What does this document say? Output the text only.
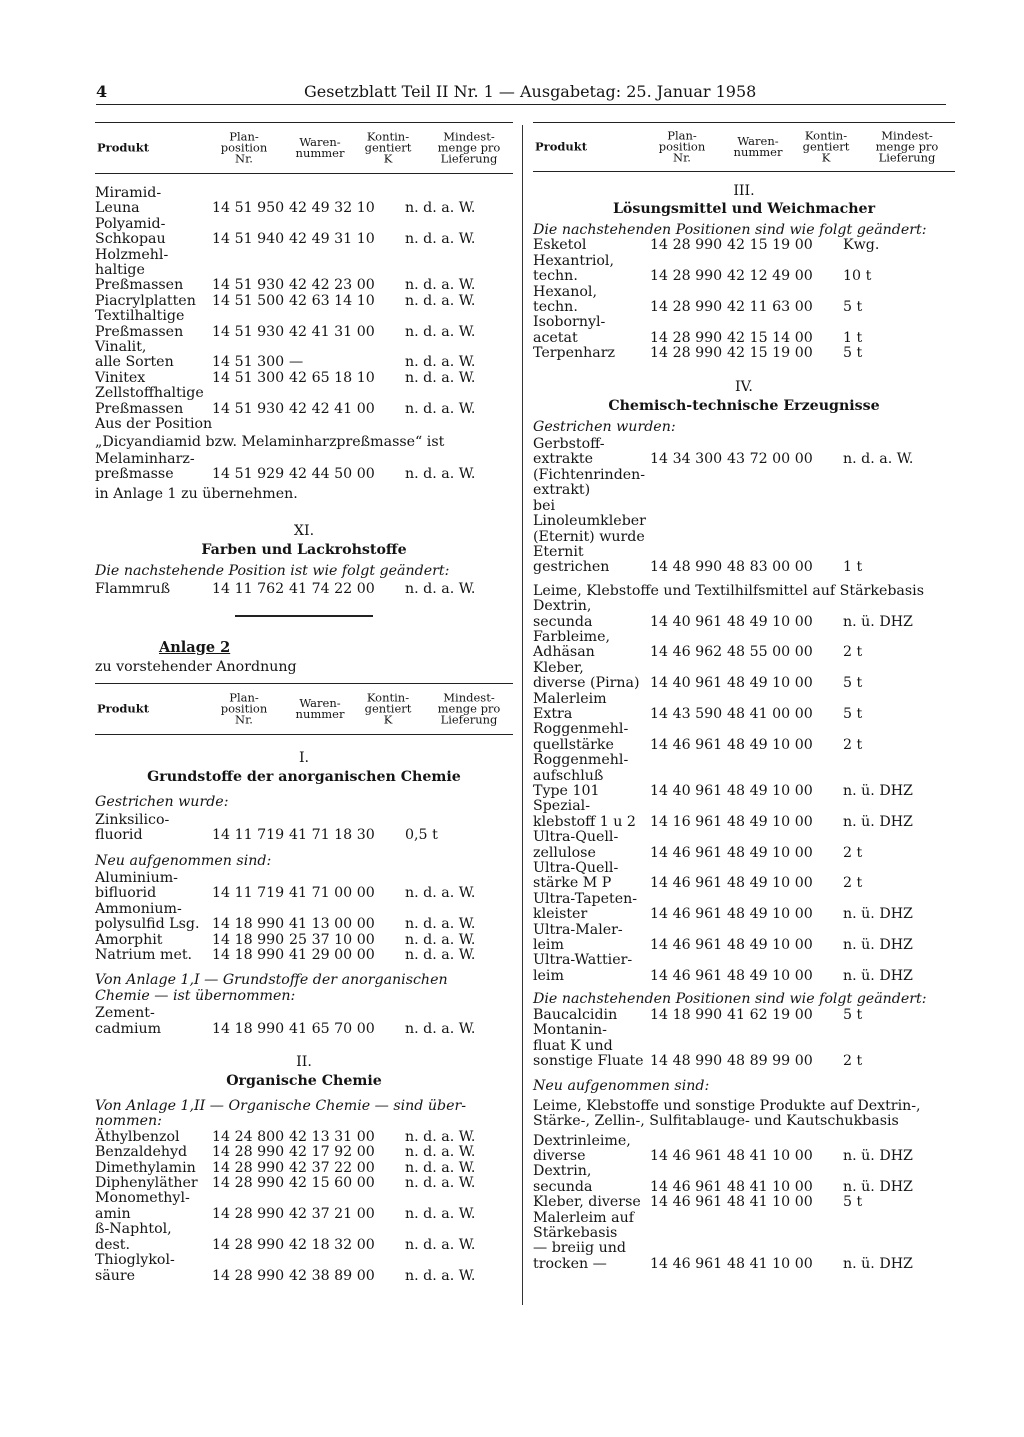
4	Gesetzblatt Teil II Nr. 1 — Ausgabetag: 25. Januar 1958
Produkt
Plan-
position
Nr.
Waren-
nummer
Kontin-
gentiert
K
Mindest-
menge pro
Lieferung
Miramid-
Leuna	14 51 950 42 49 32 10 n. d. a. W.
Polyamid-
Schkopau	14 51 940 42 49 31 10 n. d. a. W.
Holzmehl-
haltige
Preßmassen	14 51 930 42 42 23 00 n. d. a. W.
Piacrylplatten	14 51 500 42 63 14 10 n. d. a. W.
Textilhaltige
Preßmassen	14 51 930 42 41 31 00 n. d. a. W.
Vinalit,
alle Sorten	14 51 300 —	n. d. a. W.
Vinitex	14 51 300 42 65 18 10 n. d. a. W.
Zellstoffhaltige
Preßmassen	14 51 930 42 42 41 00 n. d. a. W.
Aus der Position
„Dicyandiamid bzw. Melaminharzpreßmasse“ ist
Melaminharz-
preßmasse	14 51 929 42 44 50 00 n. d. a. W.
in Anlage 1 zu übernehmen.
XI.
Farben und Lackrohstoffe
Die nachstehende Position ist wie folgt geändert:
Flammruß	14 11 762 41 74 22 00 n. d. a. W.
Anlage 2
zu vorstehender Anordnung
Produkt
Plan-
position
Nr.
Waren-
nummer
Kontin-
gentiert
K
Mindest-
menge pro
Lieferung
I.
Grundstoffe der anorganischen Chemie
Gestrichen wurde:
Zinksilico-
fluorid	14 11 719 41 71 18 30 0,5 t
Neu aufgenommen sind:
Aluminium-
bifluorid	14 11 719 41 71 00 00 n. d. a. W.
Ammonium-
polysulfid Lsg. 14 18 990 41 13 00 00 n. d. a. W.
Amorphit	14 18 990 25 37 10 00 n. d. a. W.
Natrium met.	14 18 990 41 29 00 00 n. d. a. W.
Von Anlage 1,I — Grundstoffe der anorganischen
Chemie — ist übernommen:
Zement-
cadmium	14 18 990 41 65 70 00 n. d. a. W.
II.
Organische Chemie
Von Anlage 1,II — Organische Chemie — sind über-
nommen:
Äthylbenzol	14 24 800 42 13 31 00 n. d. a. W.
Benzaldehyd	14 28 990 42 17 92 00 n. d. a. W.
Dimethylamin	14 28 990 42 37 22 00 n. d. a. W.
Diphenyläther	14 28 990 42 15 60 00 n. d. a. W.
Monomethyl-
amin	14 28 990 42 37 21 00 n. d. a. W.
ß-Naphtol,
dest.	14 28 990 42 18 32 00 n. d. a. W.
Thioglykol-
säure	14 28 990 42 38 89 00 n. d. a. W.
Produkt
Plan-
position
Nr.
Waren-
nummer
Kontin-
gentiert
K
Mindest-
menge pro
Lieferung
III.
Lösungsmittel und Weichmacher
Die nachstehenden Positionen sind wie folgt geändert:
Esketol	14 28 990 42 15 19 00 Kwg.
Hexantriol,
techn.	14 28 990 42 12 49 00 10 t
Hexanol,
techn.	14 28 990 42 11 63 00 5 t
Isobornyl-
acetat	14 28 990 42 15 14 00 1 t
Terpenharz	14 28 990 42 15 19 00 5 t
IV.
Chemisch-technische Erzeugnisse
Gestrichen wurden:
Gerbstoff-
extrakte
(Fichtenrinden-
extrakt)
14 34 300 43 72 00 00 n. d. a. W.
bei
Linoleumkleber
(Eternit) wurde
Eternit
gestrichen	14 48 990 48 83 00 00 1 t
Leime, Klebstoffe und Textilhilfsmittel auf Stärkebasis
Dextrin,
secunda	14 40 961 48 49 10 00 n. ü. DHZ
Farbleime,
Adhäsan	14 46 962 48 55 00 00 2 t
Kleber,
diverse (Pirna) 14 40 961 48 49 10 00 5 t
Malerleim
Extra	14 43 590 48 41 00 00 5 t
Roggenmehl-
quellstärke	14 46 961 48 49 10 00 2 t
Roggenmehl-
aufschluß
Type 101	14 40 961 48 49 10 00 n. ü. DHZ
Spezial-
klebstoff 1 u 2 14 16 961 48 49 10 00 n. ü. DHZ
Ultra-Quell-
zellulose	14 46 961 48 49 10 00 2 t
Ultra-Quell-
stärke M P	14 46 961 48 49 10 00 2 t
Ultra-Tapeten-
kleister	14 46 961 48 49 10 00 n. ü. DHZ
Ultra-Maler-
leim	14 46 961 48 49 10 00 n. ü. DHZ
Ultra-Wattier-
leim	14 46 961 48 49 10 00 n. ü. DHZ
Die nachstehenden Positionen sind wie folgt geändert:
Baucalcidin	14 18 990 41 62 19 00 5 t
Montanin-
fluat K und
sonstige Fluate 14 48 990 48 89 99 00 2 t
Neu aufgenommen sind:
Leime, Klebstoffe und sonstige Produkte auf Dextrin-,
Stärke-, Zellin-, Sulfitablauge- und Kautschukbasis
Dextrinleime,
diverse	14 46 961 48 41 10 00 n. ü. DHZ
Dextrin,
secunda	14 46 961 48 41 10 00 n. ü. DHZ
Kleber, diverse 14 46 961 48 41 10 00 5 t
Malerleim auf
Stärkebasis
— breiig und
trocken —	14 46 961 48 41 10 00 n. ü. DHZ
